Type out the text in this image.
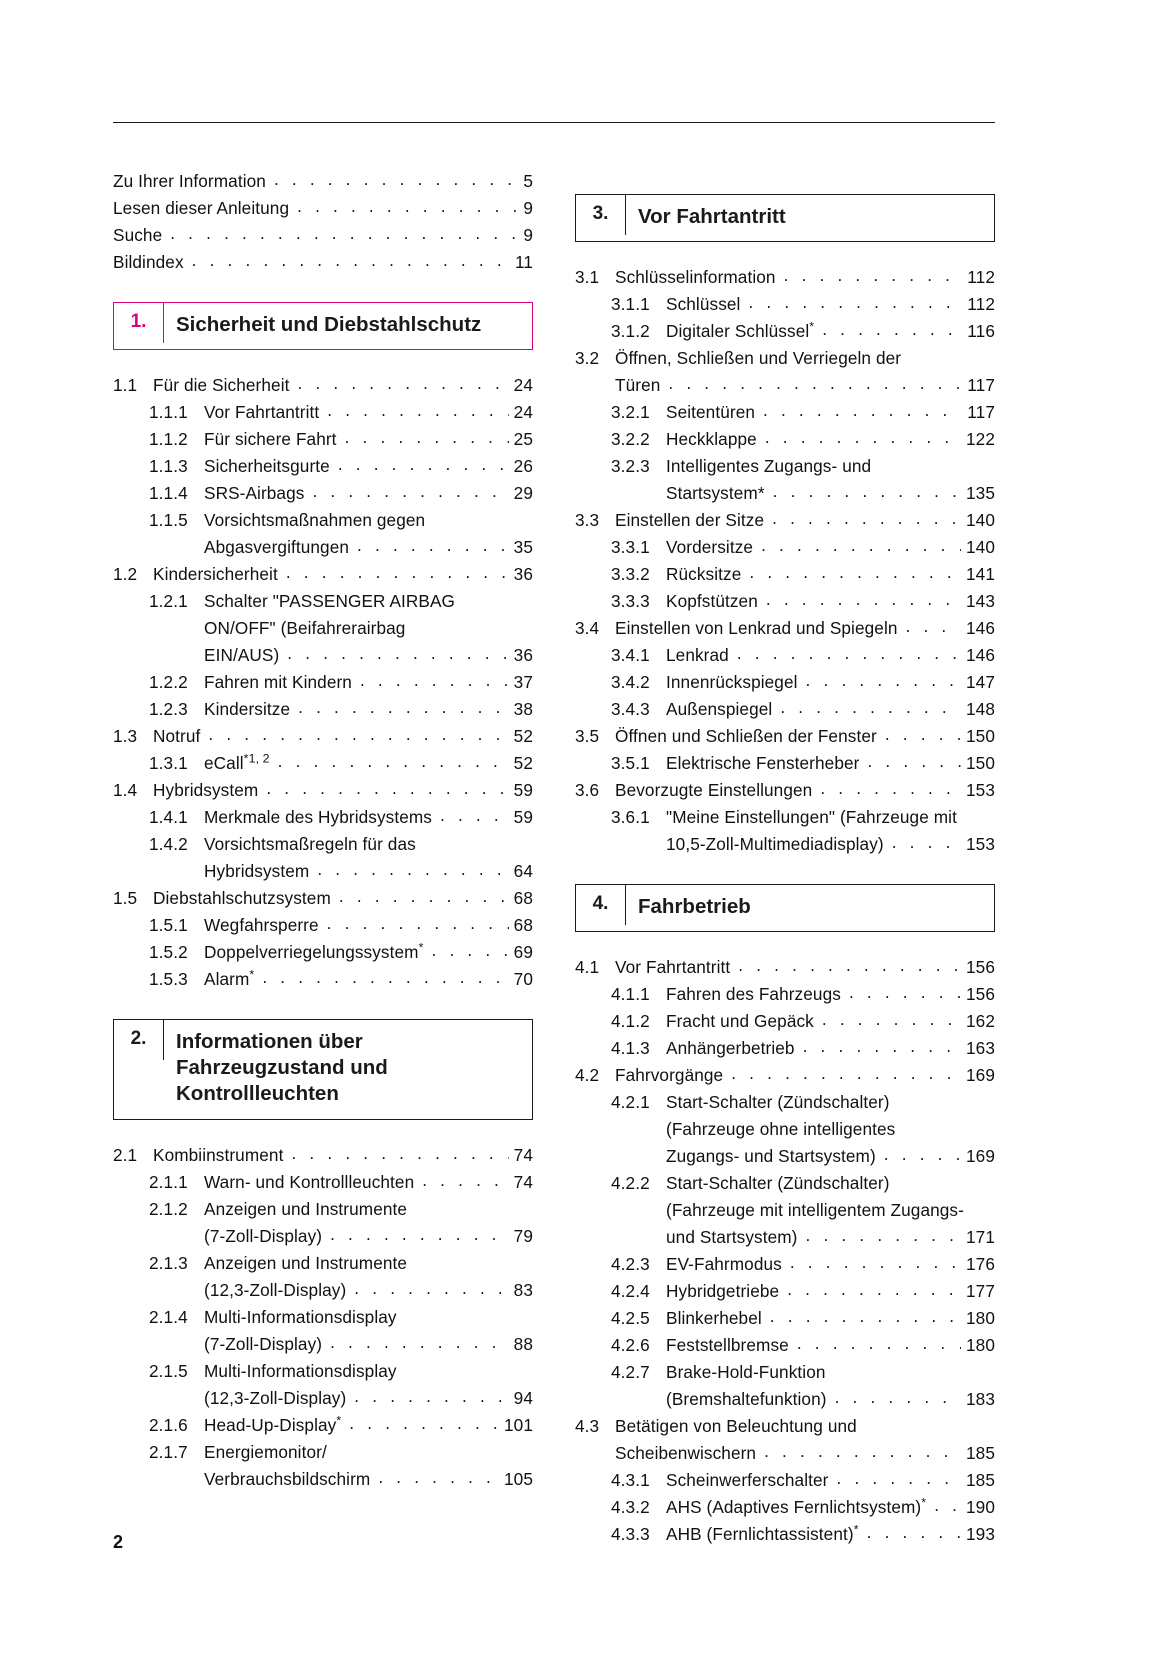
Zu Ihrer Information . . .	5
Lesen dieser Anleitung . . .	9
Suche . . .	9
Bildindex . . .	11
1.	Sicherheit und Diebstahlschutz
1.1 Für die Sicherheit . . .	24
1.1.1 Vor Fahrtantritt . . .	24
1.1.2 Für sichere Fahrt . . .	25
1.1.3 Sicherheitsgurte . . .	26
1.1.4 SRS-Airbags . . .	29
1.1.5 Vorsichtsmaßnahmen gegen
Abgasvergiftungen . . .	35
1.2 Kindersicherheit . . .	36
1.2.1 Schalter "PASSENGER AIRBAG
ON/OFF" (Beifahrerairbag
EIN/AUS) . . .	36
1.2.2 Fahren mit Kindern . . .	37
1.2.3 Kindersitze . . .	38
1.3 Notruf . . .	52
1.3.1 eCall$^{*1, 2}$ . . .	52
1.4 Hybridsystem . . .	59
1.4.1 Merkmale des Hybridsystems . . .	59
1.4.2 Vorsichtsmaßregeln für das
Hybridsystem . . .	64
1.5 Diebstahlschutzsystem . . .	68
1.5.1 Wegfahrsperre . . .	68
1.5.2 Doppelverriegelungssystem* . . .	69
1.5.3 Alarm* . . .	70
2.	Informationen über Fahrzeugzustand und Kontrollleuchten
2.1 Kombiinstrument . . .	74
2.1.1 Warn- und Kontrollleuchten . . .	74
2.1.2 Anzeigen und Instrumente
(7-Zoll-Display) . . .	79
2.1.3 Anzeigen und Instrumente
(12,3-Zoll-Display) . . .	83
2.1.4 Multi-Informationsdisplay
(7-Zoll-Display) . . .	88
2.1.5 Multi-Informationsdisplay
(12,3-Zoll-Display) . . .	94
2.1.6 Head-Up-Display* . . .	101
2.1.7 Energiemonitor/
Verbrauchsbildschirm . . .	105
3.	Vor Fahrtantritt
3.1 Schlüsselinformation . . .	112
3.1.1 Schlüssel . . .	112
3.1.2 Digitaler Schlüssel* . . .	116
3.2 Öffnen, Schließen und Verriegeln der
Türen . . .	117
3.2.1 Seitentüren . . .	117
3.2.2 Heckklappe . . .	122
3.2.3 Intelligentes Zugangs- und
Startsystem* . . .	135
3.3 Einstellen der Sitze . . .	140
3.3.1 Vordersitze . . .	140
3.3.2 Rücksitze . . .	141
3.3.3 Kopfstützen . . .	143
3.4 Einstellen von Lenkrad und Spiegeln . . .	146
3.4.1 Lenkrad . . .	146
3.4.2 Innenrückspiegel . . .	147
3.4.3 Außenspiegel . . .	148
3.5 Öffnen und Schließen der Fenster . . .	150
3.5.1 Elektrische Fensterheber . . .	150
3.6 Bevorzugte Einstellungen . . .	153
3.6.1 "Meine Einstellungen" (Fahrzeuge mit
10,5-Zoll-Multimediadisplay) . . .	153
4.	Fahrbetrieb
4.1 Vor Fahrtantritt . . .	156
4.1.1 Fahren des Fahrzeugs . . .	156
4.1.2 Fracht und Gepäck . . .	162
4.1.3 Anhängerbetrieb . . .	163
4.2 Fahrvorgänge . . .	169
4.2.1 Start-Schalter (Zündschalter)
(Fahrzeuge ohne intelligentes
Zugangs- und Startsystem) . . .	169
4.2.2 Start-Schalter (Zündschalter)
(Fahrzeuge mit intelligentem Zugangs-
und Startsystem) . . .	171
4.2.3 EV-Fahrmodus . . .	176
4.2.4 Hybridgetriebe . . .	177
4.2.5 Blinkerhebel . . .	180
4.2.6 Feststellbremse . . .	180
4.2.7 Brake-Hold-Funktion
(Bremshaltefunktion) . . .	183
4.3 Betätigen von Beleuchtung und
Scheibenwischern . . .	185
4.3.1 Scheinwerferschalter . . .	185
4.3.2 AHS (Adaptives Fernlichtsystem)* . . . 190
4.3.3 AHB (Fernlichtassistent)* . . .	193
2
